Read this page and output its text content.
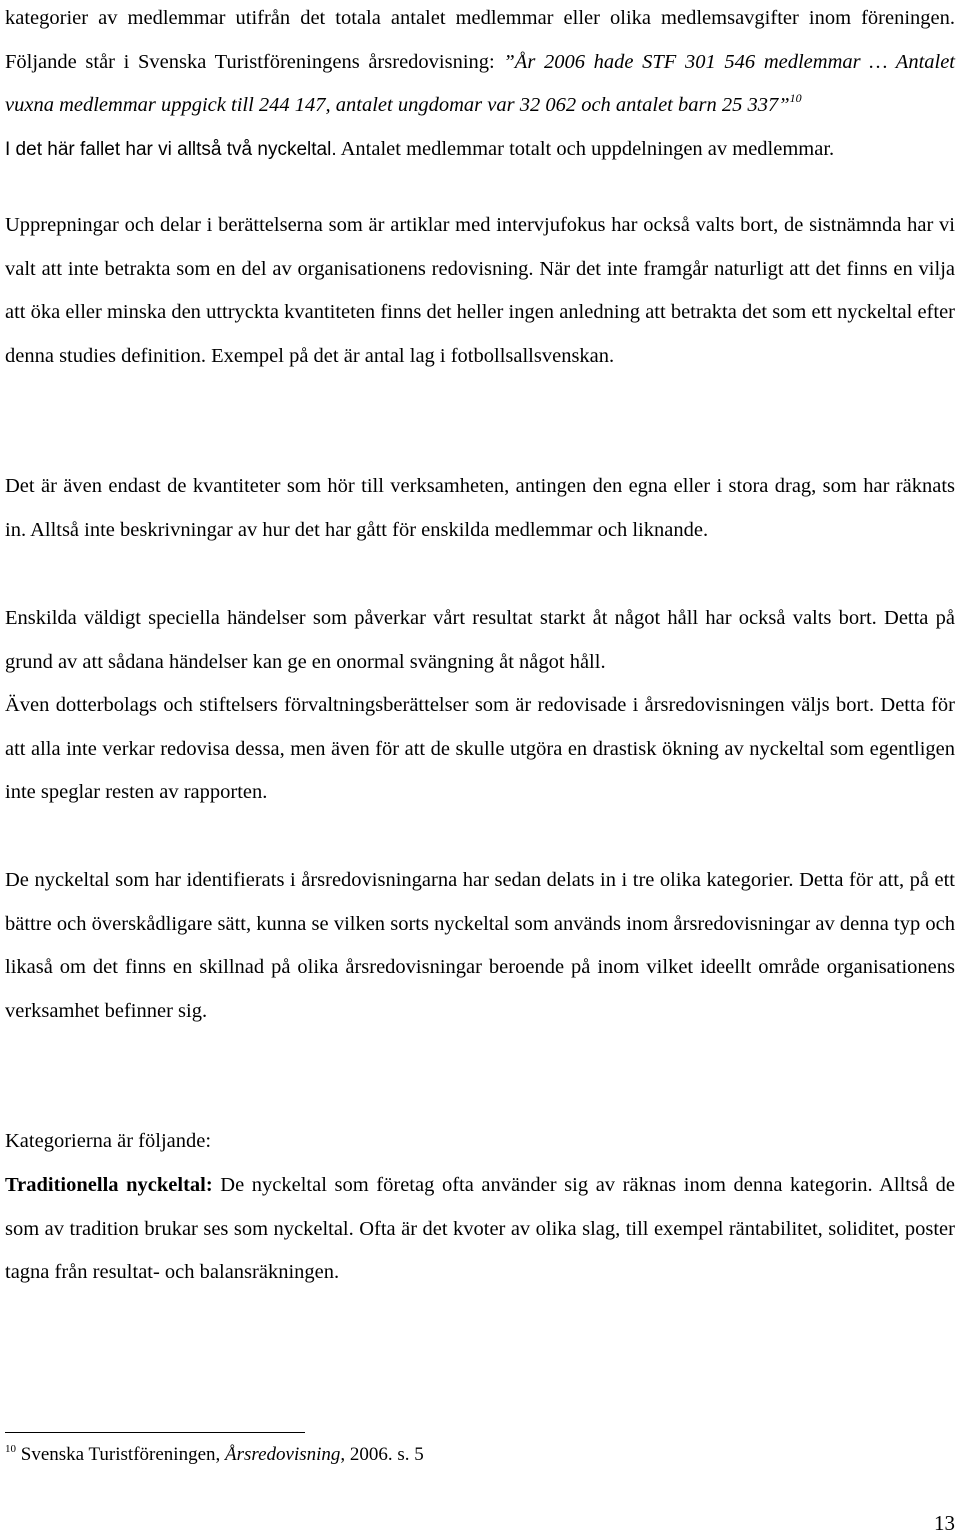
kategorier av medlemmar utifrån det totala antalet medlemmar eller olika medlemsavgifter inom föreningen. Följande står i Svenska Turistföreningens årsredovisning: ”År 2006 hade STF 301 546 medlemmar … Antalet vuxna medlemmar uppgick till 244 147, antalet ungdomar var 32 062 och antalet barn 25 337”$^{10}$
I det här fallet har vi alltså två nyckeltal. Antalet medlemmar totalt och uppdelningen av medlemmar.

Upprepningar och delar i berättelserna som är artiklar med intervjufokus har också valts bort, de sistnämnda har vi valt att inte betrakta som en del av organisationens redovisning. När det inte framgår naturligt att det finns en vilja att öka eller minska den uttryckta kvantiteten finns det heller ingen anledning att betrakta det som ett nyckeltal efter denna studies definition. Exempel på det är antal lag i fotbollsallsvenskan.

Det är även endast de kvantiteter som hör till verksamheten, antingen den egna eller i stora drag, som har räknats in. Alltså inte beskrivningar av hur det har gått för enskilda medlemmar och liknande.

Enskilda väldigt speciella händelser som påverkar vårt resultat starkt åt något håll har också valts bort. Detta på grund av att sådana händelser kan ge en onormal svängning åt något håll.

Även dotterbolags och stiftelsers förvaltningsberättelser som är redovisade i årsredovisningen väljs bort. Detta för att alla inte verkar redovisa dessa, men även för att de skulle utgöra en drastisk ökning av nyckeltal som egentligen inte speglar resten av rapporten.

De nyckeltal som har identifierats i årsredovisningarna har sedan delats in i tre olika kategorier. Detta för att, på ett bättre och överskådligare sätt, kunna se vilken sorts nyckeltal som används inom årsredovisningar av denna typ och likaså om det finns en skillnad på olika årsredovisningar beroende på inom vilket ideellt område organisationens verksamhet befinner sig.

Kategorierna är följande:

Traditionella nyckeltal: De nyckeltal som företag ofta använder sig av räknas inom denna kategorin. Alltså de som av tradition brukar ses som nyckeltal. Ofta är det kvoter av olika slag, till exempel räntabilitet, soliditet, poster tagna från resultat- och balansräkningen.

$^{10}$ Svenska Turistföreningen, Årsredovisning, 2006. s. 5
13
